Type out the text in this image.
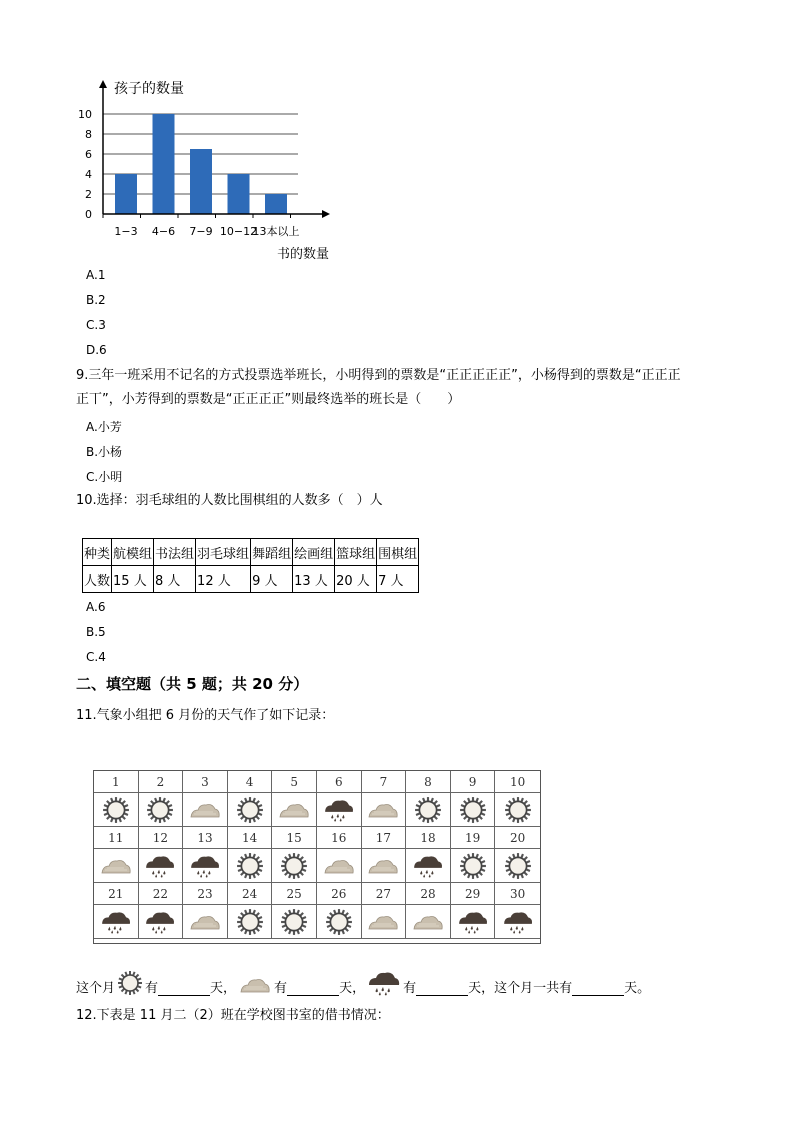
0
2
4
6
8
10
1−3 4−6 7−9 10−12
13本以上
孩子的数量
书的数量
A.1
B.2
C.3
D.6
9.三年一班采用不记名的方式投票选举班长，小明得到的票数是“正正正正正”，小杨得到的票数是“正正正
正丅”，小芳得到的票数是“正正正正”则最终选举的班长是（　　）
A.小芳
B.小杨
C.小明
10.选择：羽毛球组的人数比围棋组的人数多（　）人
种类	航模组	书法组	羽毛球组	舞蹈组	绘画组	篮球组	围棋组
人数	15 人	8 人	12 人	9 人	13 人	20 人	7 人
A.6
B.5
C.4
二、填空题（共 5 题；共 20 分）
11.气象小组把 6 月份的天气作了如下记录：
1	2	3	4	5	6	7	8	9	10
11	12	13	14	15	16	17	18	19	20
21	22	23	24	25	26	27	28	29	30
这个月 有	天，	有	天，	有	天，这个月一共有	天。
12.下表是 11 月二（2）班在学校图书室的借书情况：
